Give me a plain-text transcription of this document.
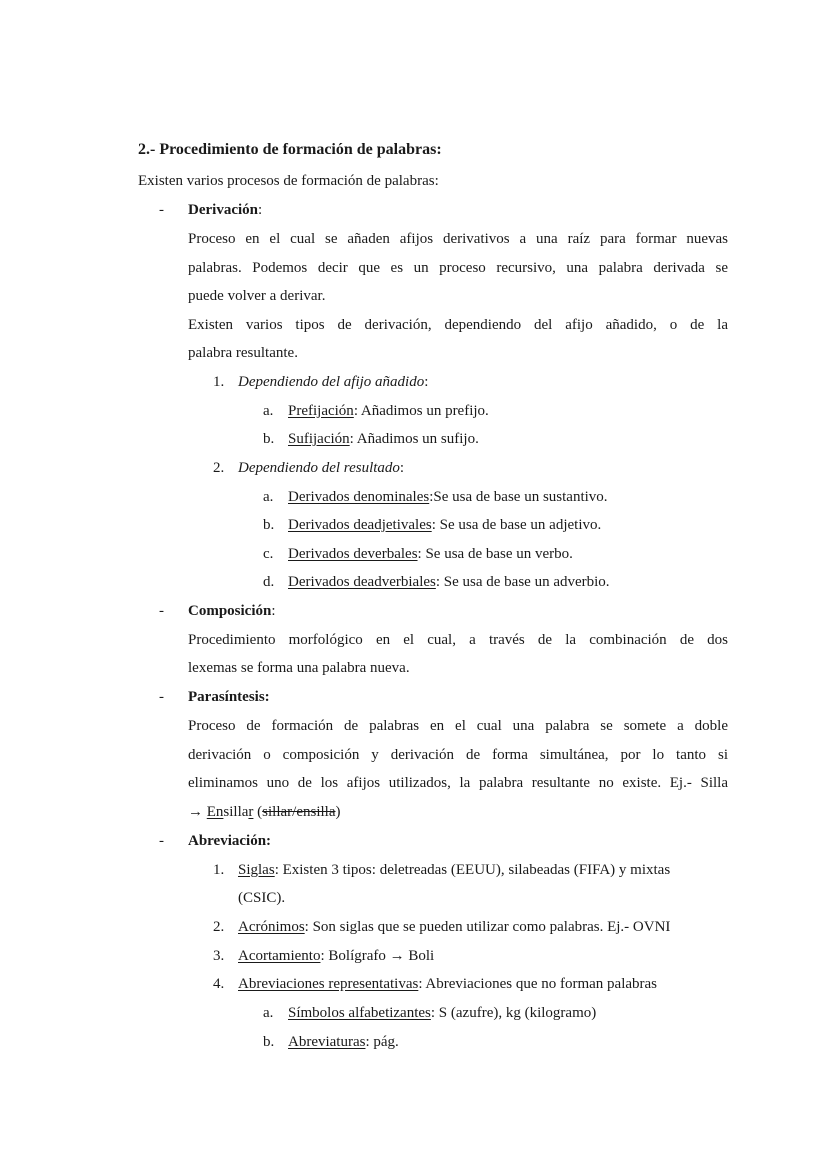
2.- Procedimiento de formación de palabras:
Existen varios procesos de formación de palabras:
- Derivación:
Proceso en el cual se añaden afijos derivativos a una raíz para formar nuevas
palabras. Podemos decir que es un proceso recursivo, una palabra derivada se
puede volver a derivar.
Existen varios tipos de derivación, dependiendo del afijo añadido, o de la
palabra resultante.
1. Dependiendo del afijo añadido:
a. Prefijación: Añadimos un prefijo.
b. Sufijación: Añadimos un sufijo.
2. Dependiendo del resultado:
a. Derivados denominales:Se usa de base un sustantivo.
b. Derivados deadjetivales: Se usa de base un adjetivo.
c. Derivados deverbales: Se usa de base un verbo.
d. Derivados deadverbiales: Se usa de base un adverbio.
- Composición:
Procedimiento morfológico en el cual, a través de la combinación de dos
lexemas se forma una palabra nueva.
- Parasíntesis:
Proceso de formación de palabras en el cual una palabra se somete a doble
derivación o composición y derivación de forma simultánea, por lo tanto si
eliminamos uno de los afijos utilizados, la palabra resultante no existe. Ej.- Silla
→ Ensillar (sillar/ensilla)
- Abreviación:
1. Siglas: Existen 3 tipos: deletreadas (EEUU), silabeadas (FIFA) y mixtas
(CSIC).
2. Acrónimos: Son siglas que se pueden utilizar como palabras. Ej.- OVNI
3. Acortamiento: Bolígrafo → Boli
4. Abreviaciones representativas: Abreviaciones que no forman palabras
a. Símbolos alfabetizantes: S (azufre), kg (kilogramo)
b. Abreviaturas: pág.
